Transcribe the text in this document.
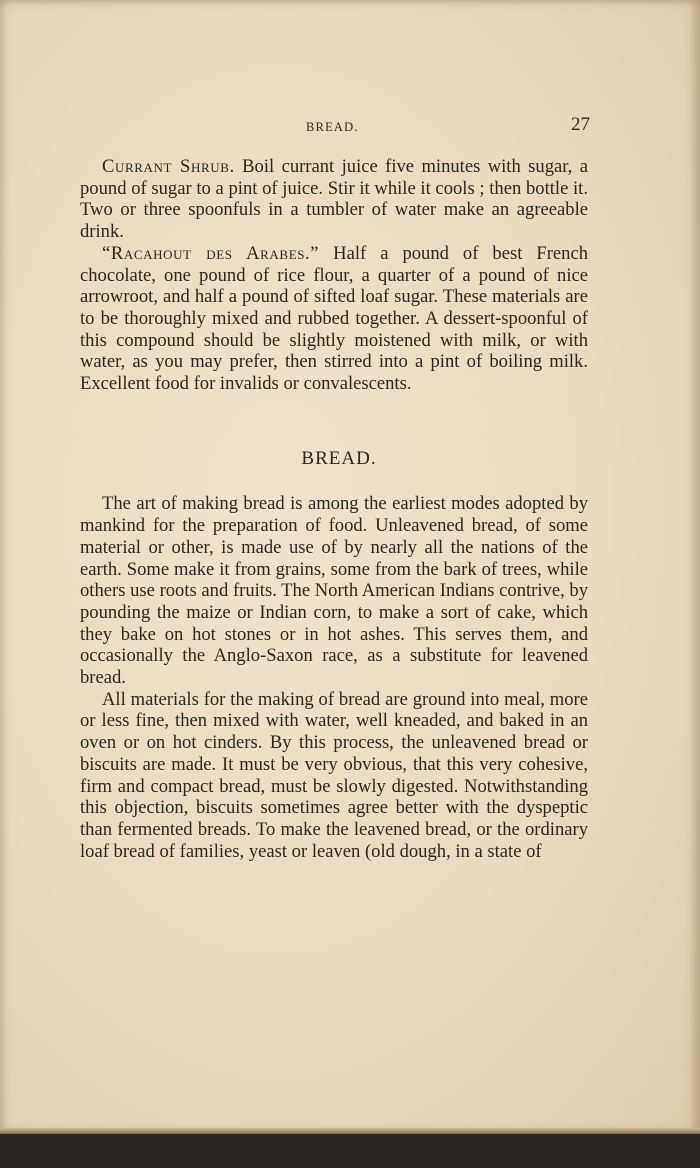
BREAD.	27

Currant Shrub. Boil currant juice five minutes with sugar, a pound of sugar to a pint of juice. Stir it while it cools ; then bottle it. Two or three spoonfuls in a tumbler of water make an agreeable drink.

“Racahout des Arabes.” Half a pound of best French chocolate, one pound of rice flour, a quarter of a pound of nice arrowroot, and half a pound of sifted loaf sugar. These materials are to be thoroughly mixed and rubbed together. A dessert-spoonful of this compound should be slightly moistened with milk, or with water, as you may prefer, then stirred into a pint of boiling milk. Excellent food for invalids or convalescents.

BREAD.

The art of making bread is among the earliest modes adopted by mankind for the preparation of food. Unleavened bread, of some material or other, is made use of by nearly all the nations of the earth. Some make it from grains, some from the bark of trees, while others use roots and fruits. The North American Indians contrive, by pounding the maize or Indian corn, to make a sort of cake, which they bake on hot stones or in hot ashes. This serves them, and occasionally the Anglo-Saxon race, as a substitute for leavened bread.

All materials for the making of bread are ground into meal, more or less fine, then mixed with water, well kneaded, and baked in an oven or on hot cinders. By this process, the unleavened bread or biscuits are made. It must be very obvious, that this very cohesive, firm and compact bread, must be slowly digested. Notwithstanding this objection, biscuits sometimes agree better with the dyspeptic than fermented breads. To make the leavened bread, or the ordinary loaf bread of families, yeast or leaven (old dough, in a state of
